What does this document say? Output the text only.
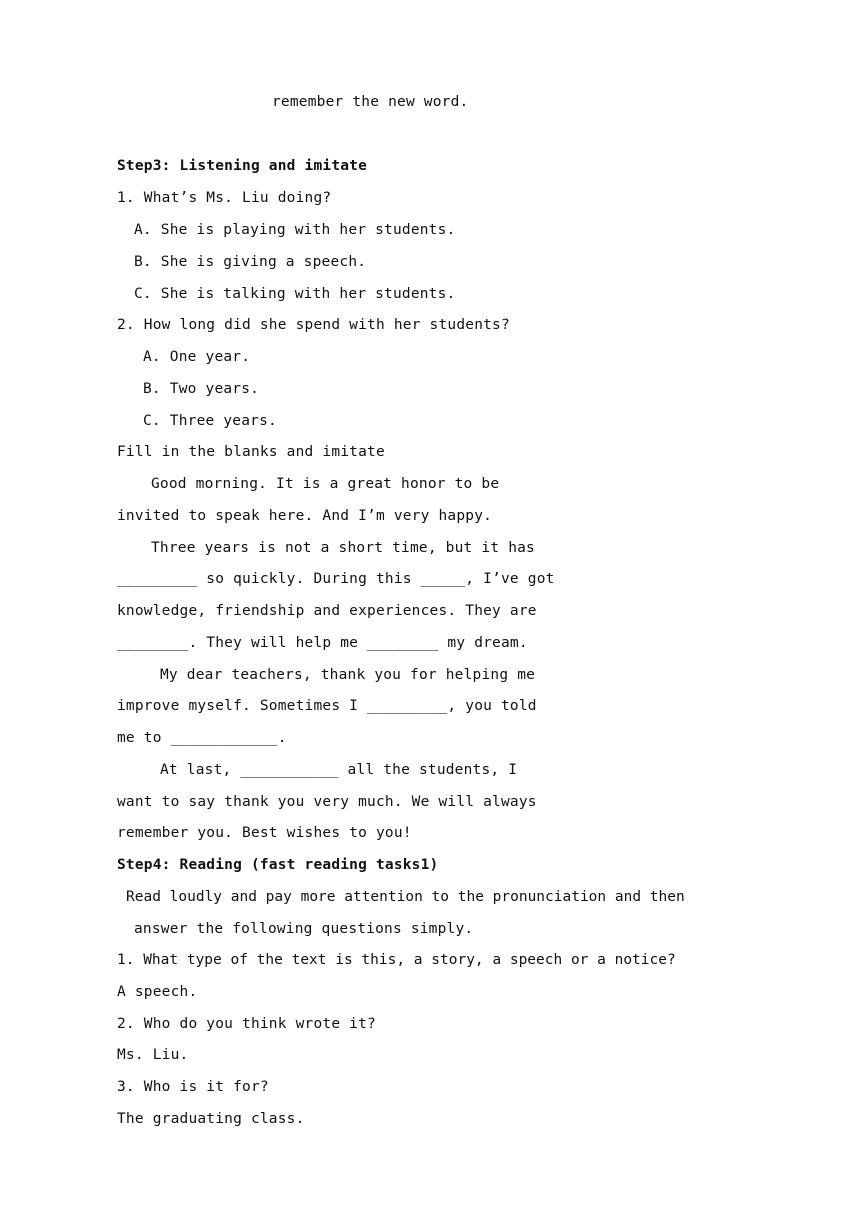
remember the new word.
Step3: Listening and imitate
1. What’s Ms. Liu doing?
A. She is playing with her students.
B. She is giving a speech.
C. She is talking with her students.
2. How long did she spend with her students?
A. One year.
B. Two years.
C. Three years.
Fill in the blanks and imitate
Good morning. It is a great honor to be
invited to speak here. And I’m very happy.
Three years is not a short time, but it has
_________ so quickly. During this _____, I’ve got
knowledge, friendship and experiences. They are
________. They will help me ________ my dream.
My dear teachers, thank you for helping me
improve myself. Sometimes I _________, you told
me to ____________.
At last, ___________ all the students, I
want to say thank you very much. We will always
remember you. Best wishes to you!
Step4: Reading (fast reading tasks1)
Read loudly and pay more attention to the pronunciation and then
answer the following questions simply.
1. What type of the text is this, a story, a speech or a notice?
A speech.
2. Who do you think wrote it?
Ms. Liu.
3. Who is it for?
The graduating class.
